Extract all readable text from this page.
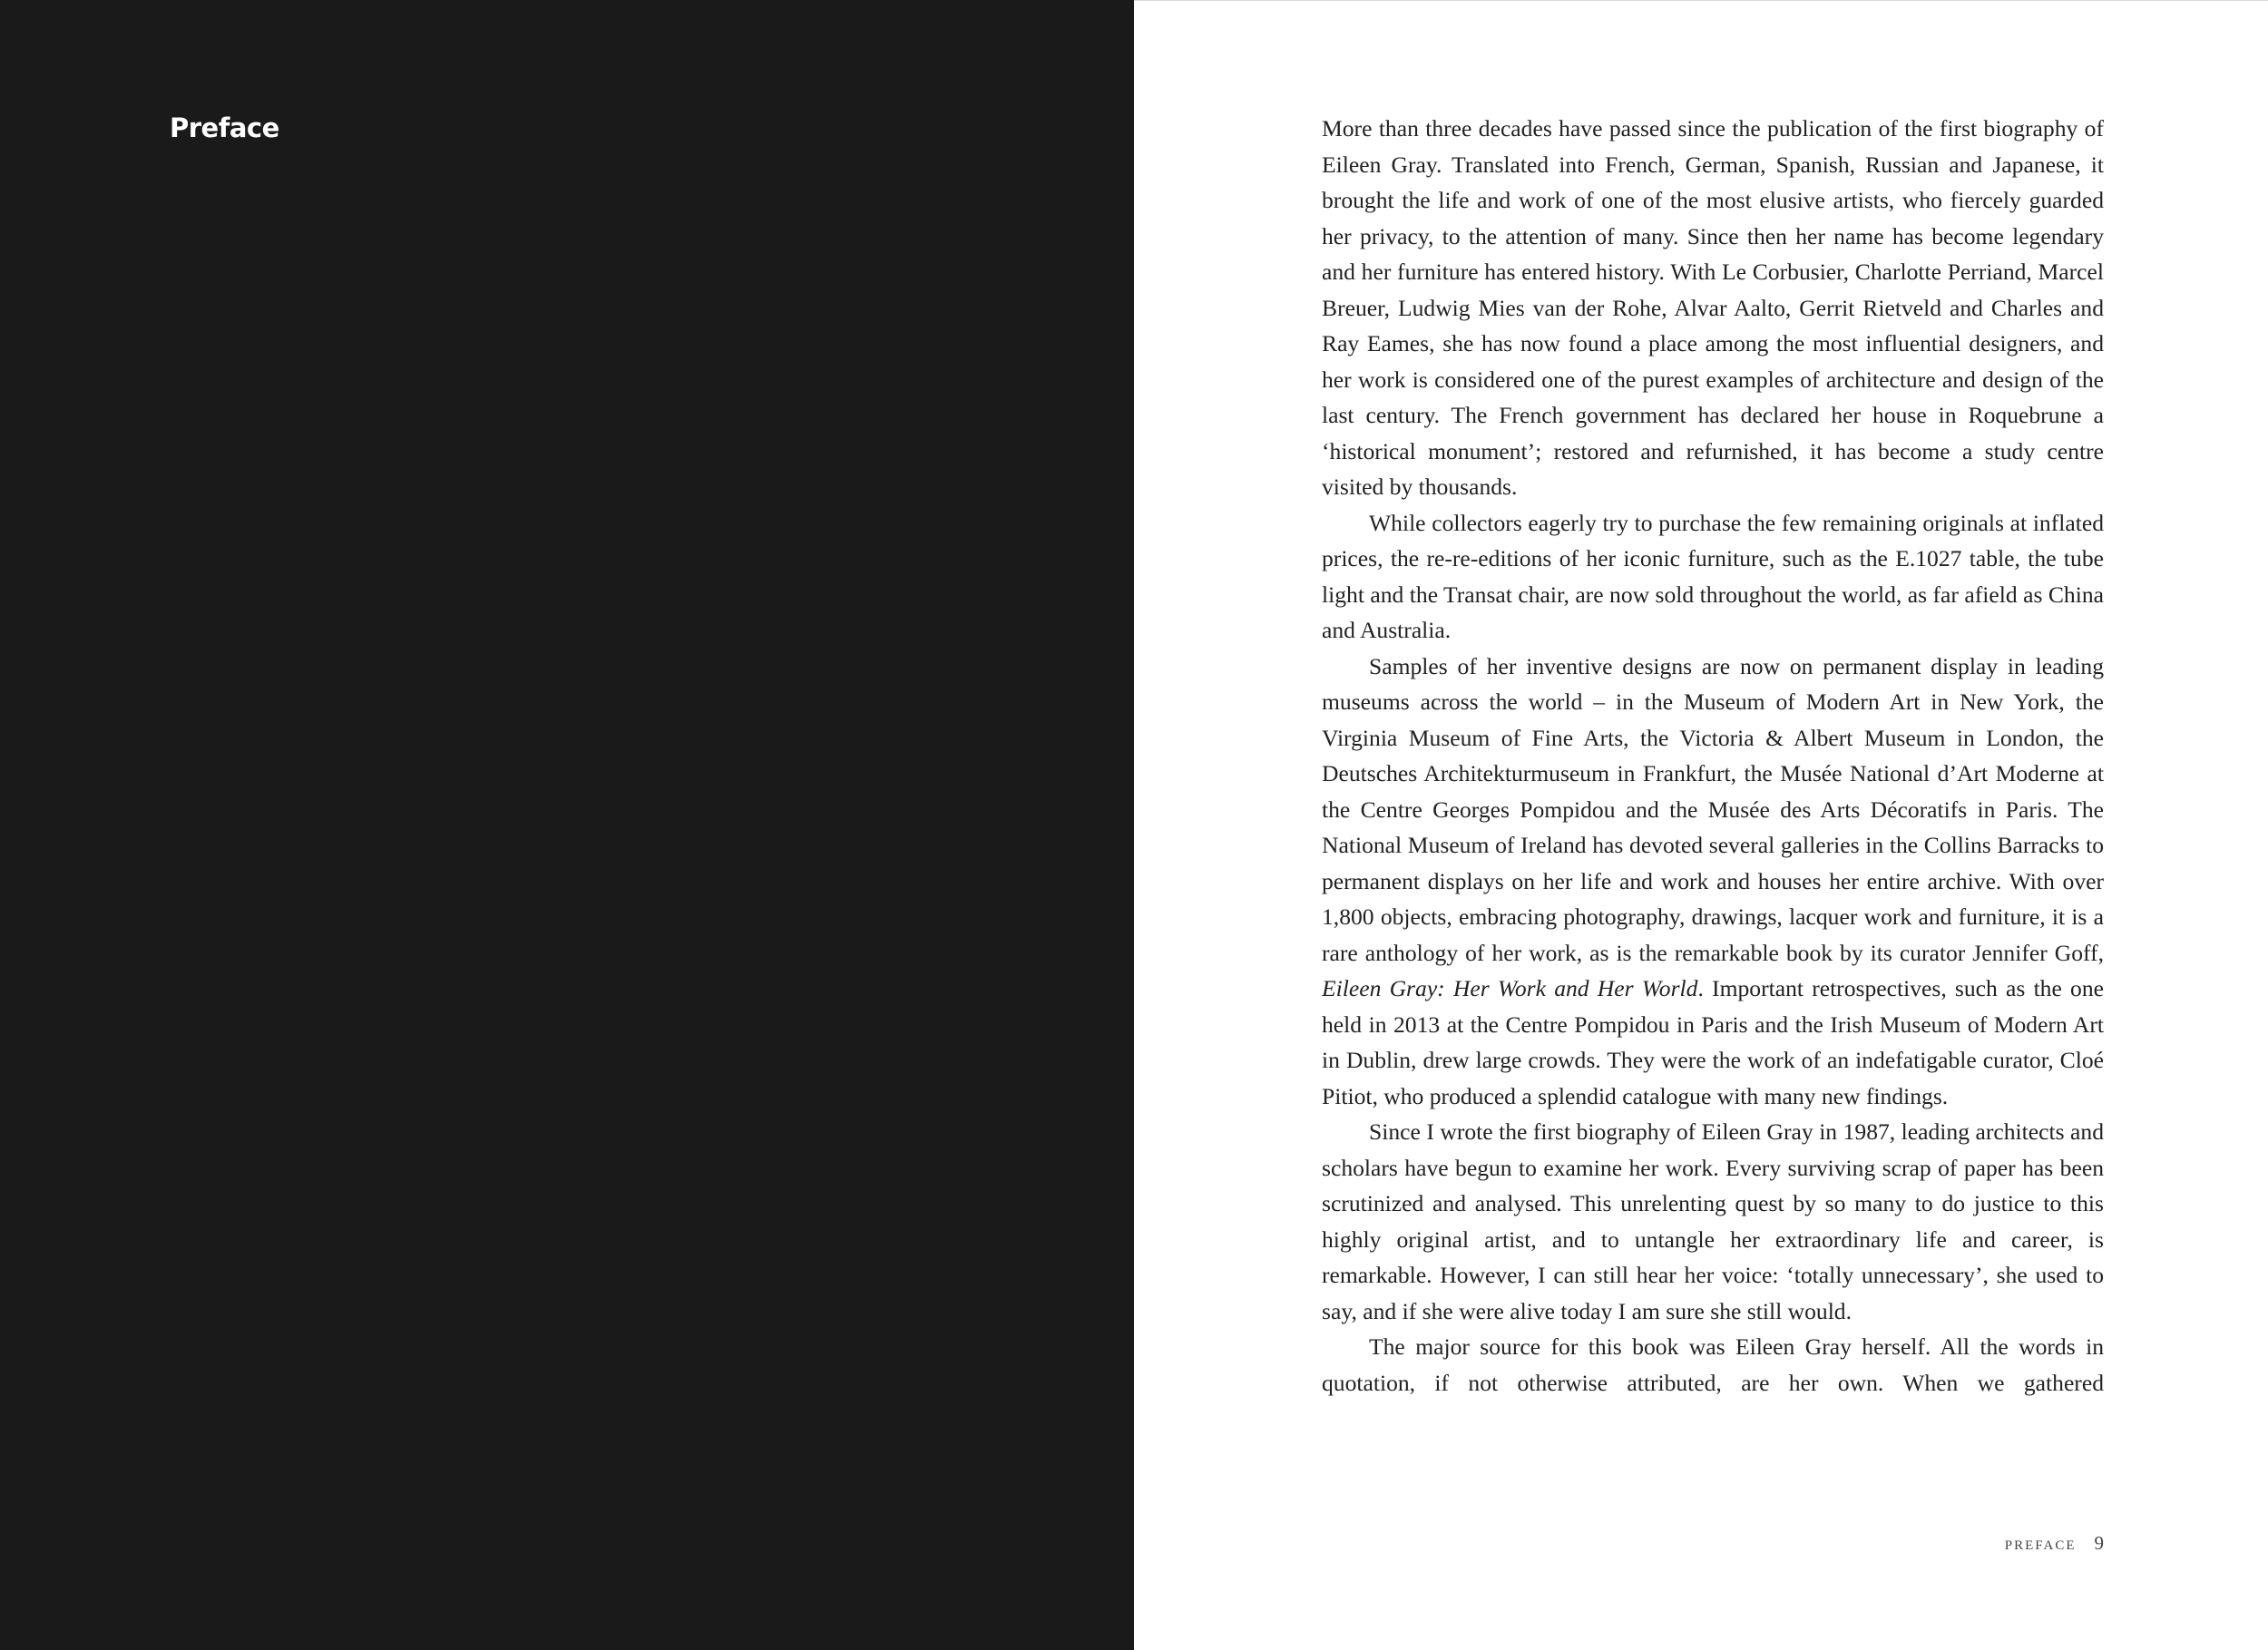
Preface	More than three decades have passed since the publication of the first biography of Eileen Gray. Translated into French, German, Spanish, Russian and Japanese, it brought the life and work of one of the most elusive artists, who fiercely guarded her privacy, to the attention of many. Since then her name has become legendary and her furniture has entered history. With Le Corbusier, Charlotte Perriand, Marcel Breuer, Ludwig Mies van der Rohe, Alvar Aalto, Gerrit Rietveld and Charles and Ray Eames, she has now found a place among the most influential designers, and her work is considered one of the purest examples of architecture and design of the last century. The French government has declared her house in Roquebrune a ‘historical monument’; restored and refurnished, it has become a study centre visited by thousands.

While collectors eagerly try to purchase the few remaining originals at inflated prices, the re-re-editions of her iconic furniture, such as the E.1027 table, the tube light and the Transat chair, are now sold throughout the world, as far afield as China and Australia.

Samples of her inventive designs are now on permanent display in leading museums across the world – in the Museum of Modern Art in New York, the Virginia Museum of Fine Arts, the Victoria & Albert Museum in London, the Deutsches Architekturmuseum in Frankfurt, the Musée National d’Art Moderne at the Centre Georges Pompidou and the Musée des Arts Décoratifs in Paris. The National Museum of Ireland has devoted several galleries in the Collins Barracks to permanent displays on her life and work and houses her entire archive. With over 1,800 objects, embracing photography, drawings, lacquer work and furniture, it is a rare anthology of her work, as is the remarkable book by its curator Jennifer Goff, Eileen Gray: Her Work and Her World. Important retrospectives, such as the one held in 2013 at the Centre Pompidou in Paris and the Irish Museum of Modern Art in Dublin, drew large crowds. They were the work of an indefatigable curator, Cloé Pitiot, who produced a splendid catalogue with many new findings.

Since I wrote the first biography of Eileen Gray in 1987, leading architects and scholars have begun to examine her work. Every surviving scrap of paper has been scrutinized and analysed. This unrelenting quest by so many to do justice to this highly original artist, and to untangle her extraordinary life and career, is remarkable. However, I can still hear her voice: ‘totally unnecessary’, she used to say, and if she were alive today I am sure she still would.

The major source for this book was Eileen Gray herself. All the words in quotation, if not otherwise attributed, are her own. When we gathered

PREFACE 9
